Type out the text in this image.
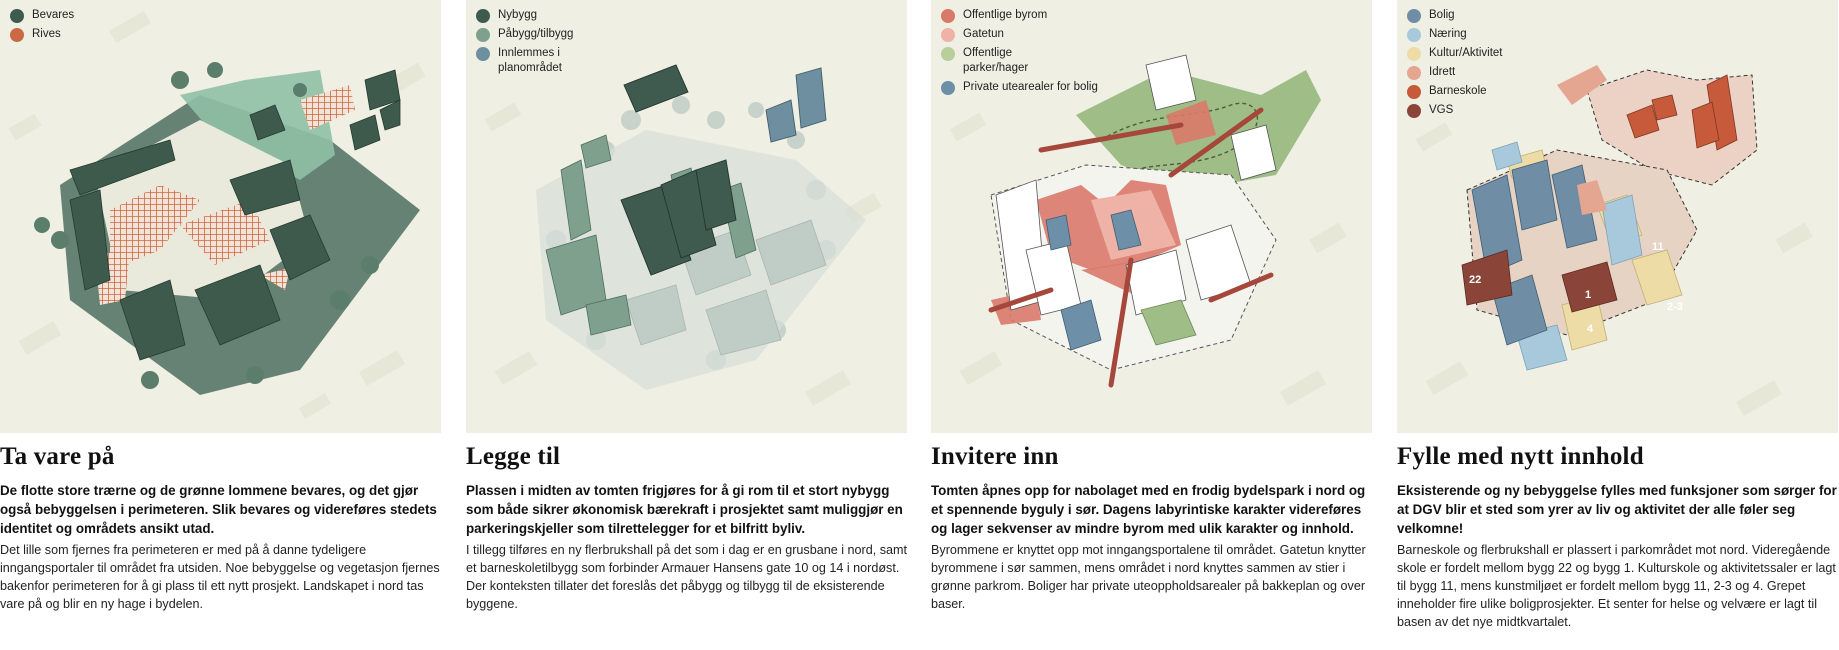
Bevares
Rives
Ta vare på
De flotte store trærne og de grønne lommene bevares, og det gjør også bebyggelsen i perimeteren. Slik bevares og videreføres stedets identitet og områdets ansikt utad.
Det lille som fjernes fra perimeteren er med på å danne tydeligere inngangsportaler til området fra utsiden. Noe bebyggelse og vegetasjon fjernes bakenfor perimeteren for å gi plass til ett nytt prosjekt. Landskapet i nord tas vare på og blir en ny hage i bydelen.
Nybygg
Påbygg/tilbygg
Innlemmes i planområdet
Legge til
Plassen i midten av tomten frigjøres for å gi rom til et stort nybygg som både sikrer økonomisk bærekraft i prosjektet samt muliggjør en parkeringskjeller som tilrettelegger for et bilfritt byliv.
I tillegg tilføres en ny flerbrukshall på det som i dag er en grusbane i nord, samt et barneskoletilbygg som forbinder Armauer Hansens gate 10 og 14 i nordøst. Der konteksten tillater det foreslås det påbygg og tilbygg til de eksisterende byggene.
Offentlige byrom
Gatetun
Offentlige parker/hager
Private utearealer for bolig
Invitere inn
Tomten åpnes opp for nabolaget med en frodig bydelspark i nord og et spennende byguly i sør. Dagens labyrintiske karakter videreføres og lager sekvenser av mindre byrom med ulik karakter og innhold.
Byrommene er knyttet opp mot inngangsportalene til området. Gatetun knytter byrommene i sør sammen, mens området i nord knyttes sammen av stier i grønne parkrom. Boliger har private uteoppholdsarealer på bakkeplan og over baser.
22
1
2-3
4
11
Bolig
Næring
Kultur/Aktivitet
Idrett
Barneskole
VGS
Fylle med nytt innhold
Eksisterende og ny bebyggelse fylles med funksjoner som sørger for at DGV blir et sted som yrer av liv og aktivitet der alle føler seg velkomne!
Barneskole og flerbrukshall er plassert i parkområdet mot nord. Videregående skole er fordelt mellom bygg 22 og bygg 1. Kulturskole og aktivitetssaler er lagt til bygg 11, mens kunstmiljøet er fordelt mellom bygg 11, 2-3 og 4. Grepet inneholder fire ulike boligprosjekter. Et senter for helse og velvære er lagt til basen av det nye midtkvartalet.
